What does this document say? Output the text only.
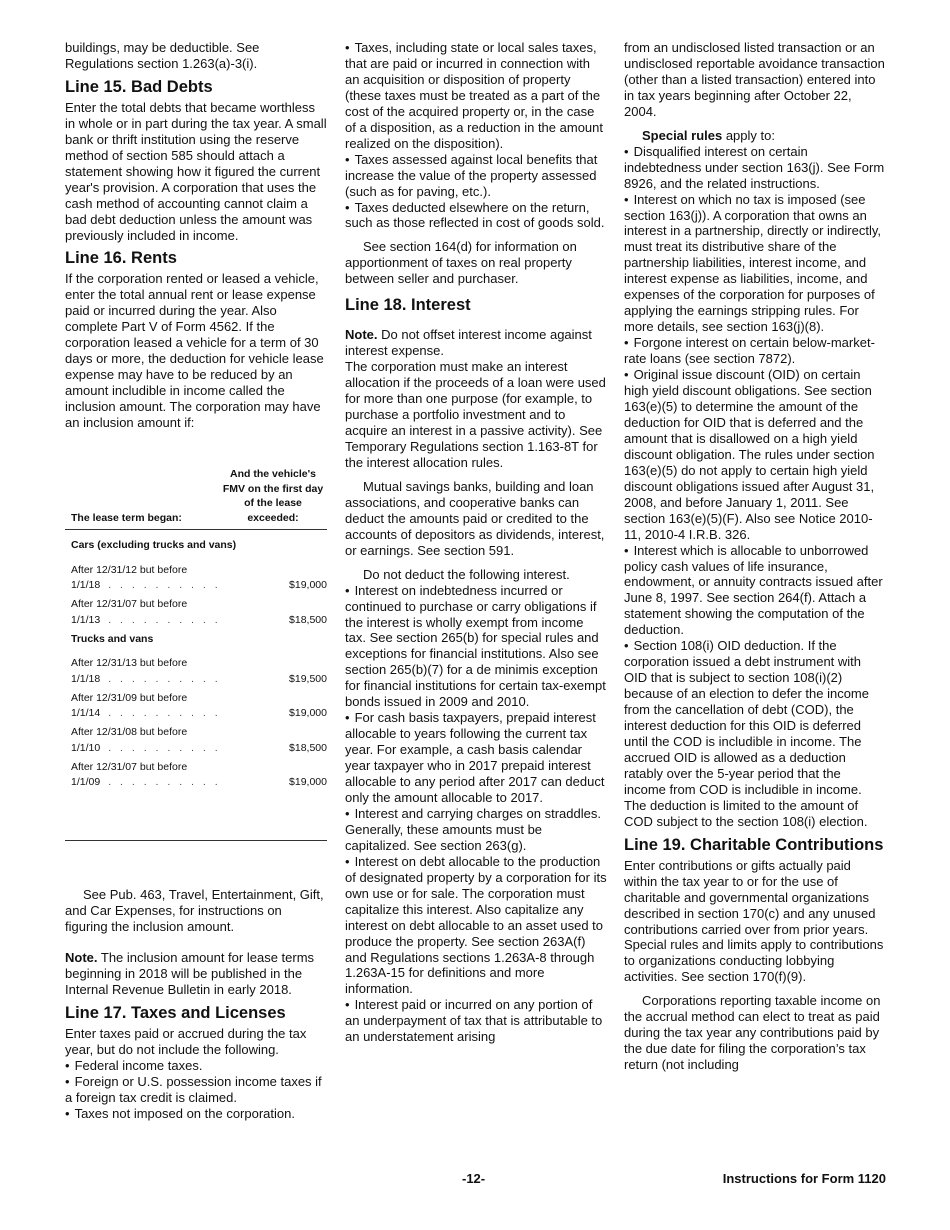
buildings, may be deductible. See Regulations section 1.263(a)-3(i).

Line 15. Bad Debts

Enter the total debts that became worthless in whole or in part during the tax year. A small bank or thrift institution using the reserve method of section 585 should attach a statement showing how it figured the current year's provision. A corporation that uses the cash method of accounting cannot claim a bad debt deduction unless the amount was previously included in income.

Line 16. Rents

If the corporation rented or leased a vehicle, enter the total annual rent or lease expense paid or incurred during the year. Also complete Part V of Form 4562. If the corporation leased a vehicle for a term of 30 days or more, the deduction for vehicle lease expense may have to be reduced by an amount includible in income called the inclusion amount. The corporation may have an inclusion amount if:

The lease term began:
And the vehicle's FMV on the first day of the lease exceeded:
Cars (excluding trucks and vans)
After 12/31/12 but before
1/1/18 . . . . . . . . . .	$19,000
After 12/31/07 but before
1/1/13 . . . . . . . . . .	$18,500
Trucks and vans
After 12/31/13 but before
1/1/18 . . . . . . . . . .	$19,500
After 12/31/09 but before
1/1/14 . . . . . . . . . .	$19,000
After 12/31/08 but before
1/1/10 . . . . . . . . . .	$18,500
After 12/31/07 but before
1/1/09 . . . . . . . . . .	$19,000

See Pub. 463, Travel, Entertainment, Gift, and Car Expenses, for instructions on figuring the inclusion amount.

Note. The inclusion amount for lease terms beginning in 2018 will be published in the Internal Revenue Bulletin in early 2018.

Line 17. Taxes and Licenses

Enter taxes paid or accrued during the tax year, but do not include the following.

• Federal income taxes.

• Foreign or U.S. possession income taxes if a foreign tax credit is claimed.

• Taxes not imposed on the corporation.

• Taxes, including state or local sales taxes, that are paid or incurred in connection with an acquisition or disposition of property (these taxes must be treated as a part of the cost of the acquired property or, in the case of a disposition, as a reduction in the amount realized on the disposition).

• Taxes assessed against local benefits that increase the value of the property assessed (such as for paving, etc.).

• Taxes deducted elsewhere on the return, such as those reflected in cost of goods sold.

See section 164(d) for information on apportionment of taxes on real property between seller and purchaser.

Line 18. Interest

Note. Do not offset interest income against interest expense.

The corporation must make an interest allocation if the proceeds of a loan were used for more than one purpose (for example, to purchase a portfolio investment and to acquire an interest in a passive activity). See Temporary Regulations section 1.163-8T for the interest allocation rules.

Mutual savings banks, building and loan associations, and cooperative banks can deduct the amounts paid or credited to the accounts of depositors as dividends, interest, or earnings. See section 591.

Do not deduct the following interest.

• Interest on indebtedness incurred or continued to purchase or carry obligations if the interest is wholly exempt from income tax. See section 265(b) for special rules and exceptions for financial institutions. Also see section 265(b)(7) for a de minimis exception for financial institutions for certain tax-exempt bonds issued in 2009 and 2010.

• For cash basis taxpayers, prepaid interest allocable to years following the current tax year. For example, a cash basis calendar year taxpayer who in 2017 prepaid interest allocable to any period after 2017 can deduct only the amount allocable to 2017.

• Interest and carrying charges on straddles. Generally, these amounts must be capitalized. See section 263(g).

• Interest on debt allocable to the production of designated property by a corporation for its own use or for sale. The corporation must capitalize this interest. Also capitalize any interest on debt allocable to an asset used to produce the property. See section 263A(f) and Regulations sections 1.263A-8 through 1.263A-15 for definitions and more information.

• Interest paid or incurred on any portion of an underpayment of tax that is attributable to an understatement arising

from an undisclosed listed transaction or an undisclosed reportable avoidance transaction (other than a listed transaction) entered into in tax years beginning after October 22, 2004.

Special rules apply to:

• Disqualified interest on certain indebtedness under section 163(j). See Form 8926, and the related instructions.

• Interest on which no tax is imposed (see section 163(j)). A corporation that owns an interest in a partnership, directly or indirectly, must treat its distributive share of the partnership liabilities, interest income, and interest expense as liabilities, income, and expenses of the corporation for purposes of applying the earnings stripping rules. For more details, see section 163(j)(8).

• Forgone interest on certain below-market-rate loans (see section 7872).

• Original issue discount (OID) on certain high yield discount obligations. See section 163(e)(5) to determine the amount of the deduction for OID that is deferred and the amount that is disallowed on a high yield discount obligation. The rules under section 163(e)(5) do not apply to certain high yield discount obligations issued after August 31, 2008, and before January 1, 2011. See section 163(e)(5)(F). Also see Notice 2010-11, 2010-4 I.R.B. 326.

• Interest which is allocable to unborrowed policy cash values of life insurance, endowment, or annuity contracts issued after June 8, 1997. See section 264(f). Attach a statement showing the computation of the deduction.

• Section 108(i) OID deduction. If the corporation issued a debt instrument with OID that is subject to section 108(i)(2) because of an election to defer the income from the cancellation of debt (COD), the interest deduction for this OID is deferred until the COD is includible in income. The accrued OID is allowed as a deduction ratably over the 5-year period that the income from COD is includible in income. The deduction is limited to the amount of COD subject to the section 108(i) election.

Line 19. Charitable Contributions

Enter contributions or gifts actually paid within the tax year to or for the use of charitable and governmental organizations described in section 170(c) and any unused contributions carried over from prior years. Special rules and limits apply to contributions to organizations conducting lobbying activities. See section 170(f)(9).

Corporations reporting taxable income on the accrual method can elect to treat as paid during the tax year any contributions paid by the due date for filing the corporation’s tax return (not including

-12-	Instructions for Form 1120
